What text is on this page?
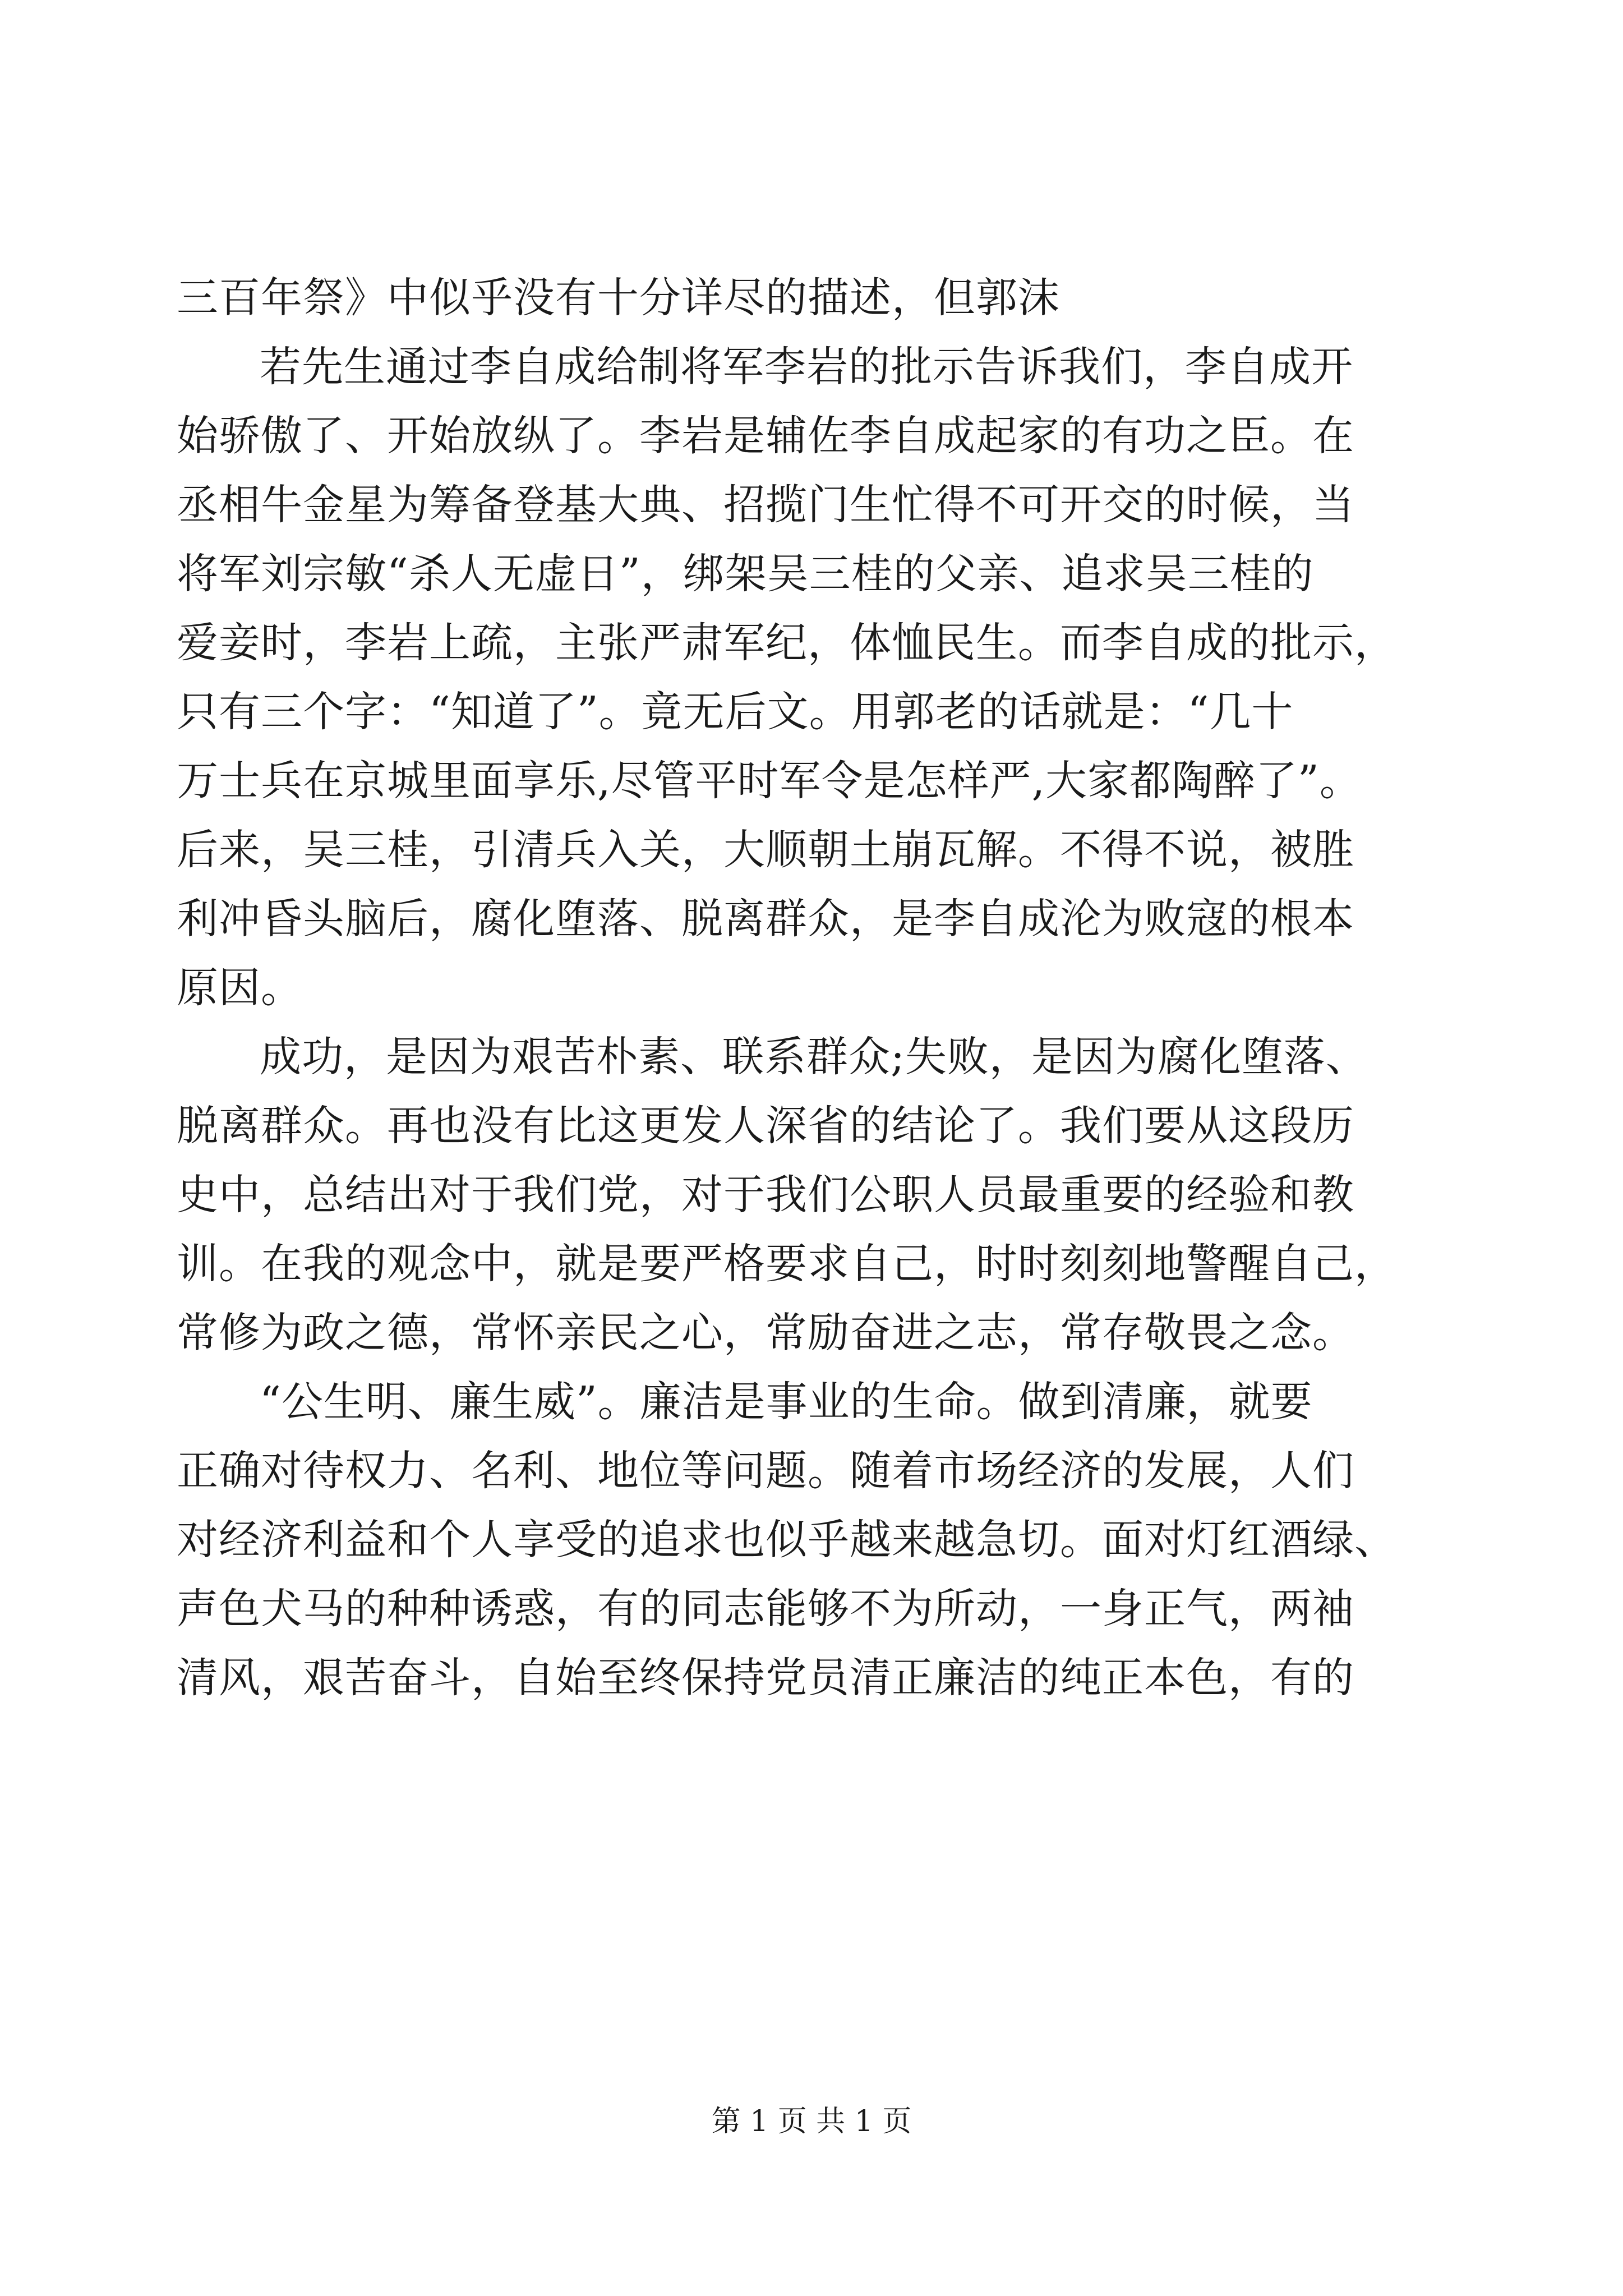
三百年祭》中似乎没有十分详尽的描述，但郭沫
若先生通过李自成给制将军李岩的批示告诉我们，李自成开
始骄傲了、开始放纵了。李岩是辅佐李自成起家的有功之臣。在
丞相牛金星为筹备登基大典、招揽门生忙得不可开交的时候，当
将军刘宗敏“杀人无虚日”，绑架吴三桂的父亲、追求吴三桂的
爱妾时，李岩上疏，主张严肃军纪，体恤民生。而李自成的批示，
只有三个字：“知道了”。竟无后文。用郭老的话就是：“几十
万士兵在京城里面享乐,尽管平时军令是怎样严,大家都陶醉了”。
后来，吴三桂，引清兵入关，大顺朝土崩瓦解。不得不说，被胜
利冲昏头脑后，腐化堕落、脱离群众，是李自成沦为败寇的根本
原因。
成功，是因为艰苦朴素、联系群众;失败，是因为腐化堕落、
脱离群众。再也没有比这更发人深省的结论了。我们要从这段历
史中，总结出对于我们党，对于我们公职人员最重要的经验和教
训。在我的观念中，就是要严格要求自己，时时刻刻地警醒自己，
常修为政之德，常怀亲民之心，常励奋进之志，常存敬畏之念。
“公生明、廉生威”。廉洁是事业的生命。做到清廉，就要
正确对待权力、名利、地位等问题。随着市场经济的发展，人们
对经济利益和个人享受的追求也似乎越来越急切。面对灯红酒绿、
声色犬马的种种诱惑，有的同志能够不为所动，一身正气，两袖
清风，艰苦奋斗，自始至终保持党员清正廉洁的纯正本色，有的
第 1 页 共 1 页
